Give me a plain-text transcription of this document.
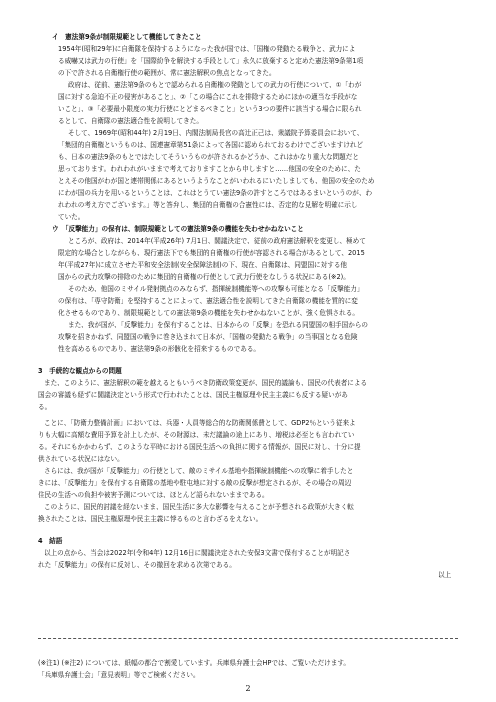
イ　憲法第9条が制限規範として機能してきたこと
1954年(昭和29年)に自衛隊を保持するようになった我が国では、「国権の発動たる戦争と、武力によ
る威嚇又は武力の行使」を「国際紛争を解決する手段として」永久に放棄すると定めた憲法第9条第1項
の下で許される自衛権行使の範囲が、常に憲法解釈の焦点となってきた。
政府は、従前、憲法第9条のもとで認められる自衛権の発動としての武力の行使について、①「わが
国に対する急迫不正の侵害があること」、②「この場合にこれを排除するためにほかの適当な手段がな
いこと」、③「必要最小限度の実力行使にとどまるべきこと」という3つの要件に該当する場合に限られ
るとして、自衛隊の憲法適合性を説明してきた。
そして、1969年(昭和44年) 2月19日、内閣法制局長官の高辻正己は、衆議院予算委員会において、
「集団的自衛権というものは、国連憲章第51条によって各国に認められておるわけでございますけれど
も、日本の憲法9条のもとではたしてそういうものが許されるかどうか、これはかなり重大な問題だと
思っております。われわれがいままで考えておりますことから申しますと……他国の安全のために、た
とえその他国がわが国と連帯関係にあるというようなことがいわれるにいたしましても、他国の安全のため
にわが国の兵力を用いるということは、これはとうてい憲法9条の許すところではあるまいというのが、わ
れわれの考え方でございます。」等と答弁し、集団的自衛権の合憲性には、否定的な見解を明確に示し
ていた。
ウ　「反撃能力」の保有は、制限規範としての憲法第9条の機能を失わせかねないこと
ところが、政府は、2014年(平成26年) 7月1日、閣議決定で、従前の政府憲法解釈を変更し、極めて
限定的な場合としながらも、現行憲法下でも集団的自衛権の行使が容認される場合があるとして、2015
年(平成27年)に成立させた平和安全法制(安全保障法制)の下、現在、自衛隊は、同盟国に対する他
国からの武力攻撃の排除のために集団的自衛権の行使として武力行使をなしうる状況にある(※2)。
そのため、他国のミサイル発射拠点のみならず、指揮統制機能等への攻撃も可能となる「反撃能力」
の保有は、「専守防衛」を堅持することによって、憲法適合性を説明してきた自衛隊の機能を質的に変
化させるものであり、制限規範としての憲法第9条の機能を失わせかねないことが、強く危惧される。
また、我が国が、「反撃能力」を保有することは、日本からの「反撃」を恐れる同盟国の相手国からの
攻撃を招きかねず、同盟国の戦争に巻き込まれて日本が、「国権の発動たる戦争」の当事国となる危険
性を高めるものであり、憲法第9条の形骸化を招来するものである。
3　手続的な観点からの問題
また、このように、憲法解釈の範を越えるともいうべき防衛政策変更が、国民的議論も、国民の代表者による
国会の審議も経ずに閣議決定という形式で行われたことは、国民主権原理や民主主義にも反する疑いがあ
る。
ことに、「防衛力整備計画」においては、兵器・人員等総合的な防衛関係費として、GDP2％という従来よ
りも大幅に高額な費用予算を計上したが、その財源は、未だ議論の途上にあり、増税は必至とも言われてい
る。それにもかかわらず、このような平時における国民生活への負担に関する情報が、国民に対し、十分に提
供されている状況にはない。
さらには、我が国が「反撃能力」の行使として、敵のミサイル基地や指揮統制機能への攻撃に着手したと
きには、「反撃能力」を保有する自衛隊の基地や駐屯地に対する敵の反撃が想定されるが、その場合の周辺
住民の生活への負担や被害予測については、ほとんど語られないままである。
このように、国民的討議を経ないまま、国民生活に多大な影響を与えることが予想される政策が大きく転
換されたことは、国民主権原理や民主主義に悖るものと言わざるをえない。
4　結語
以上の点から、当会は2022年(令和4年) 12月16日に閣議決定された安保3文書で保有することが明記さ
れた「反撃能力」の保有に反対し、その撤回を求める次第である。
(※注1) (※注2) については、紙幅の都合で割愛しています。兵庫県弁護士会HPでは、ご覧いただけます。
「兵庫県弁護士会」「意見表明」等でご検索ください。
以上
2
